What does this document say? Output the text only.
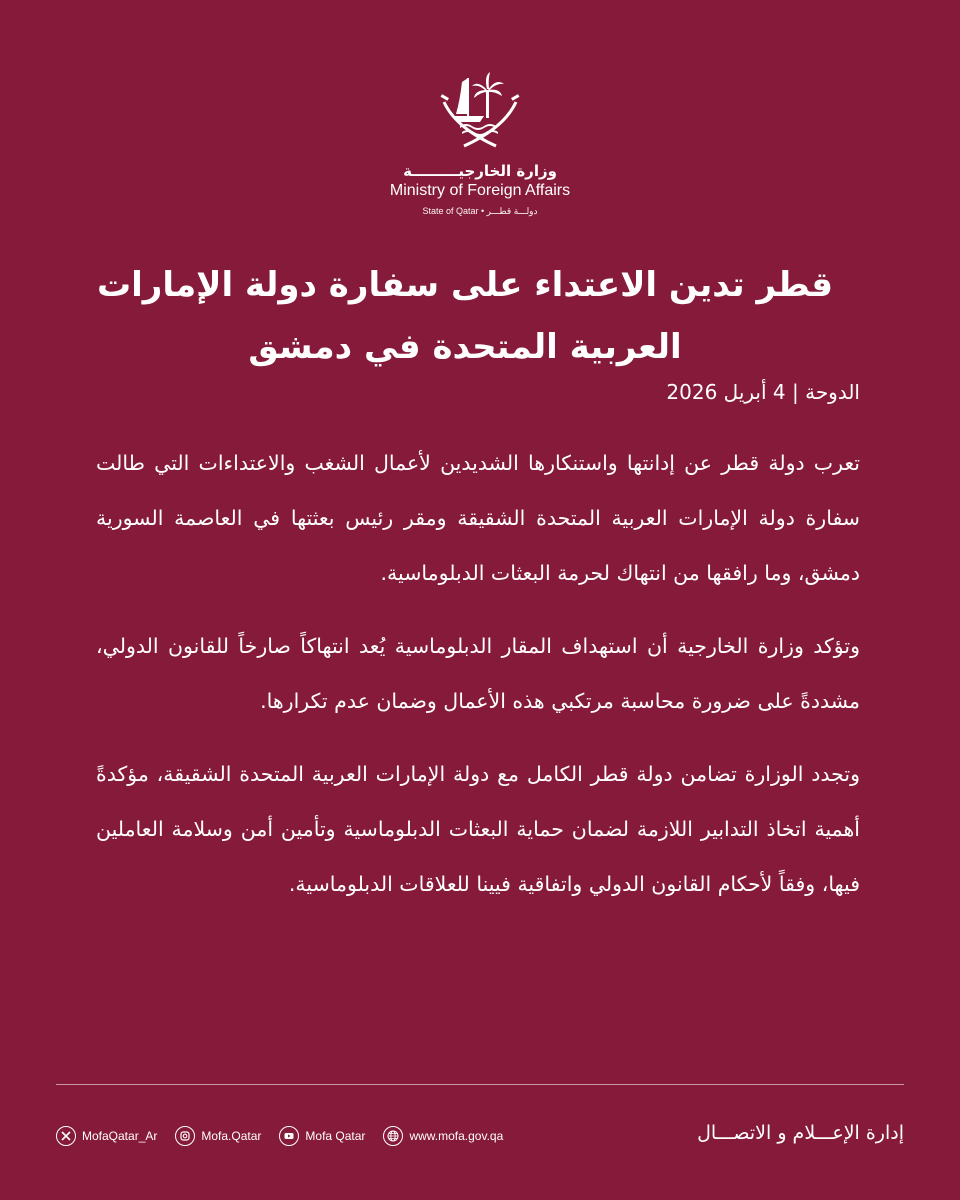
وزارة الخارجيـــــــــة
Ministry of Foreign Affairs
State of Qatar • دولـــة قطـــر
قطر تدين الاعتداء على سفارة دولة الإمارات العربية المتحدة في دمشق
الدوحة | 4 أبريل 2026

تعرب دولة قطر عن إدانتها واستنكارها الشديدين لأعمال الشغب والاعتداءات التي طالت سفارة دولة الإمارات العربية المتحدة الشقيقة ومقر رئيس بعثتها في العاصمة السورية دمشق، وما رافقها من انتهاك لحرمة البعثات الدبلوماسية.

وتؤكد وزارة الخارجية أن استهداف المقار الدبلوماسية يُعد انتهاكاً صارخاً للقانون الدولي، مشددةً على ضرورة محاسبة مرتكبي هذه الأعمال وضمان عدم تكرارها.

وتجدد الوزارة تضامن دولة قطر الكامل مع دولة الإمارات العربية المتحدة الشقيقة، مؤكدةً أهمية اتخاذ التدابير اللازمة لضمان حماية البعثات الدبلوماسية وتأمين أمن وسلامة العاملين فيها، وفقاً لأحكام القانون الدولي واتفاقية فيينا للعلاقات الدبلوماسية.

MofaQatar_Ar	Mofa.Qatar	Mofa Qatar	www.mofa.gov.qa	إدارة الإعـــلام و الاتصـــال
